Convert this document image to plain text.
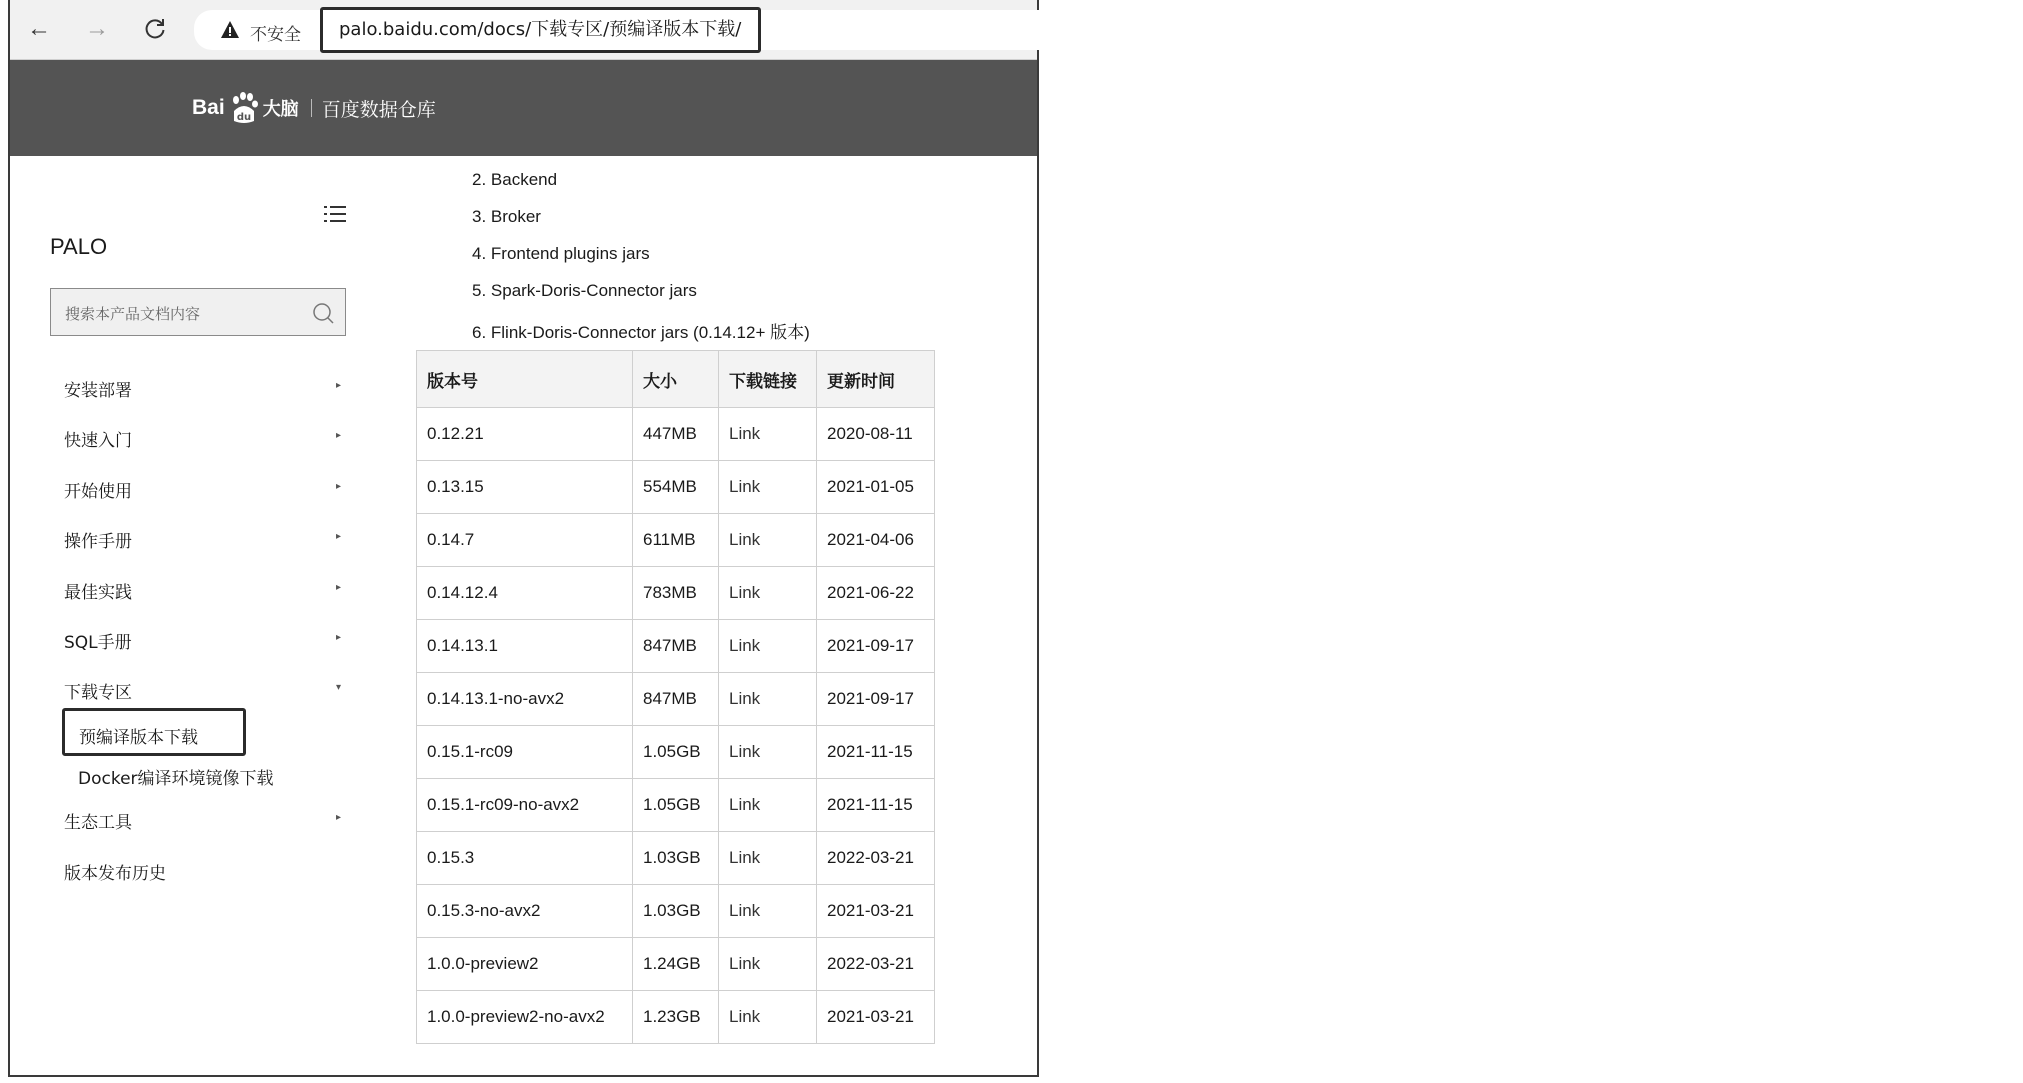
← →	不安全	palo.baidu.com/docs/下载专区/预编译版本下载/
Bai du 大脑 百度数据仓库	首页	文档	案例	社区
PALO
搜索本产品文档内容
安装部署	▸
快速入门	▸
开始使用	▸
操作手册	▸
最佳实践	▸
SQL手册	▸
下载专区	▾
预编译版本下载
Docker编译环境镜像下载
生态工具	▸
版本发布历史
2. Backend
3. Broker
4. Frontend plugins jars
5. Spark-Doris-Connector jars
6. Flink-Doris-Connector jars (0.14.12+ 版本)
版本号	大小	下载链接	更新时间
0.12.21	447MB	Link	2020-08-11
0.13.15	554MB	Link	2021-01-05
0.14.7	611MB	Link	2021-04-06
0.14.12.4	783MB	Link	2021-06-22
0.14.13.1	847MB	Link	2021-09-17
0.14.13.1-no-avx2	847MB	Link	2021-09-17
0.15.1-rc09	1.05GB	Link	2021-11-15
0.15.1-rc09-no-avx2	1.05GB	Link	2021-11-15
0.15.3	1.03GB	Link	2022-03-21
0.15.3-no-avx2	1.03GB	Link	2021-03-21
1.0.0-preview2	1.24GB	Link	2022-03-21
1.0.0-preview2-no-avx2	1.23GB	Link	2021-03-21
